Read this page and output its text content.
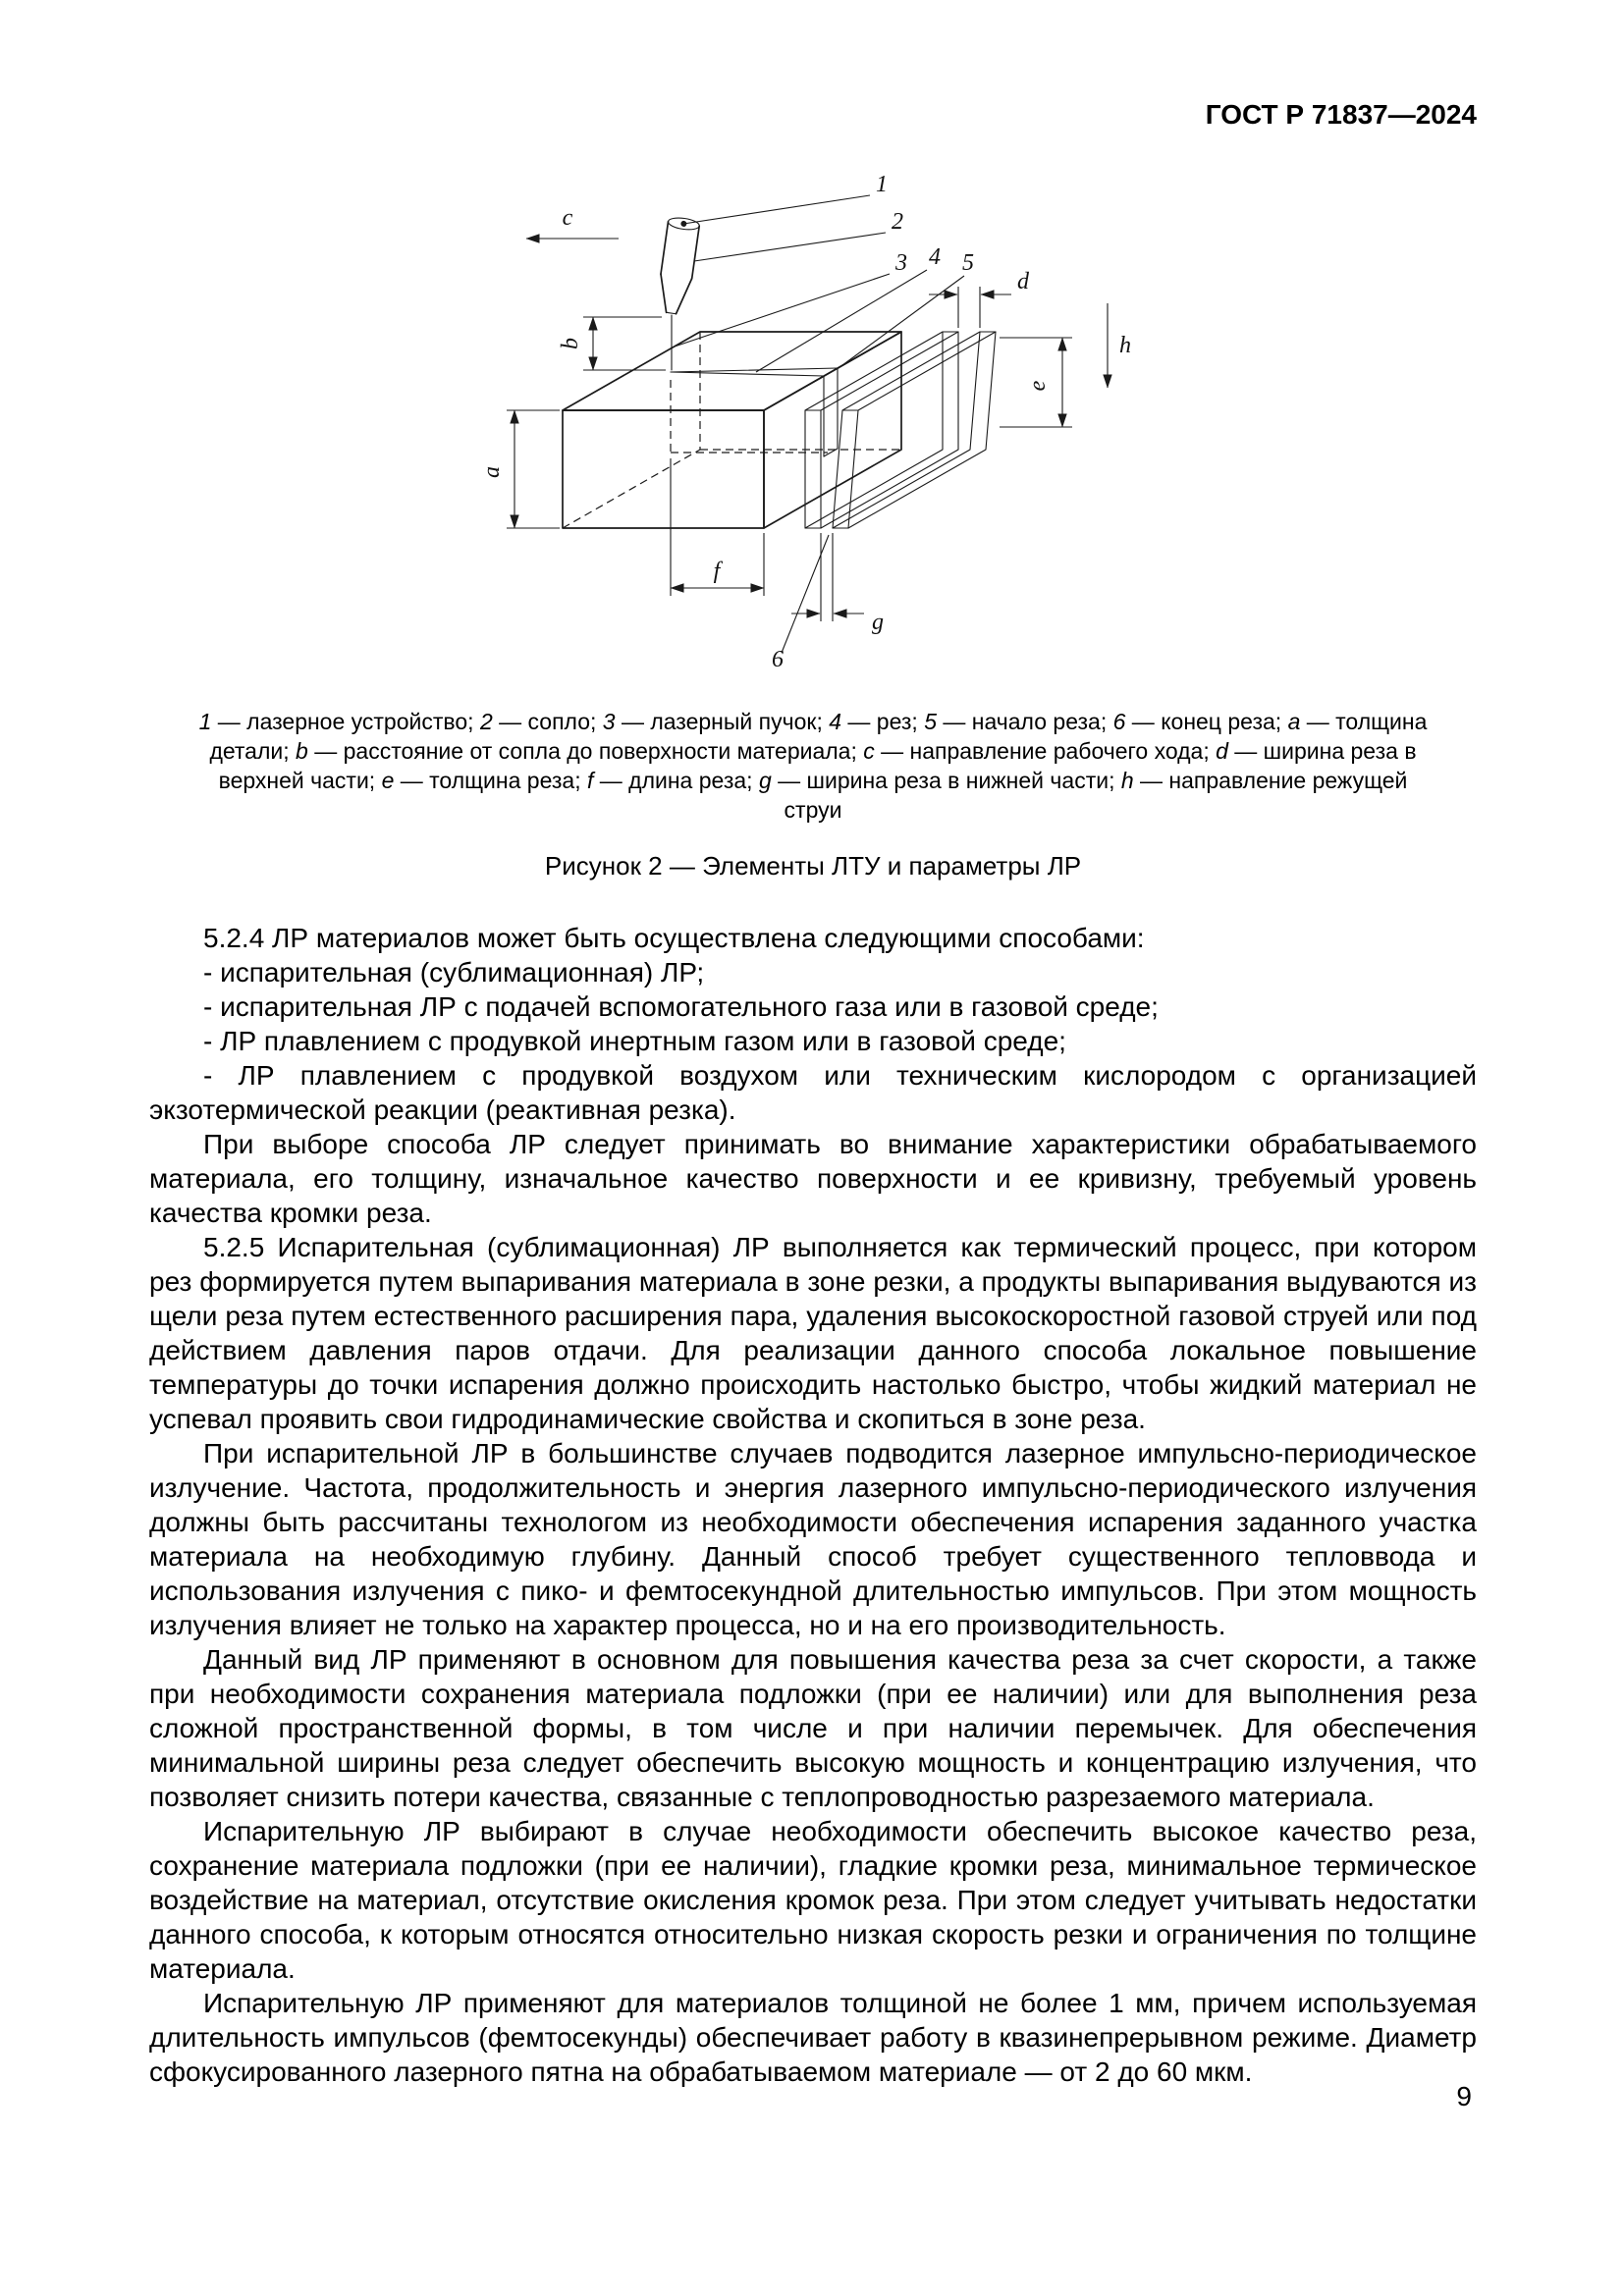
ГОСТ Р 71837—2024
1
2
3 4 5
6
a
b
c
h
d
e
f
g
1 — лазерное устройство; 2 — сопло; 3 — лазерный пучок; 4 — рез; 5 — начало реза; 6 — конец реза; a — толщина детали; b — расстояние от сопла до поверхности материала; c — направление рабочего хода; d — ширина реза в верхней части; e — толщина реза; f — длина реза; g — ширина реза в нижней части; h — направление режущей струи
Рисунок 2 — Элементы ЛТУ и параметры ЛР

5.2.4 ЛР материалов может быть осуществлена следующими способами:

- испарительная (сублимационная) ЛР;

- испарительная ЛР с подачей вспомогательного газа или в газовой среде;

- ЛР плавлением с продувкой инертным газом или в газовой среде;

- ЛР плавлением с продувкой воздухом или техническим кислородом с организацией экзотермической реакции (реактивная резка).

При выборе способа ЛР следует принимать во внимание характеристики обрабатываемого материала, его толщину, изначальное качество поверхности и ее кривизну, требуемый уровень качества кромки реза.

5.2.5 Испарительная (сублимационная) ЛР выполняется как термический процесс, при котором рез формируется путем выпаривания материала в зоне резки, а продукты выпаривания выдуваются из щели реза путем естественного расширения пара, удаления высокоскоростной газовой струей или под действием давления паров отдачи. Для реализации данного способа локальное повышение температуры до точки испарения должно происходить настолько быстро, чтобы жидкий материал не успевал проявить свои гидродинамические свойства и скопиться в зоне реза.

При испарительной ЛР в большинстве случаев подводится лазерное импульсно-периодическое излучение. Частота, продолжительность и энергия лазерного импульсно-периодического излучения должны быть рассчитаны технологом из необходимости обеспечения испарения заданного участка материала на необходимую глубину. Данный способ требует существенного тепловвода и использования излучения с пико- и фемтосекундной длительностью импульсов. При этом мощность излучения влияет не только на характер процесса, но и на его производительность.

Данный вид ЛР применяют в основном для повышения качества реза за счет скорости, а также при необходимости сохранения материала подложки (при ее наличии) или для выполнения реза сложной пространственной формы, в том числе и при наличии перемычек. Для обеспечения минимальной ширины реза следует обеспечить высокую мощность и концентрацию излучения, что позволяет снизить потери качества, связанные с теплопроводностью разрезаемого материала.

Испарительную ЛР выбирают в случае необходимости обеспечить высокое качество реза, сохранение материала подложки (при ее наличии), гладкие кромки реза, минимальное термическое воздействие на материал, отсутствие окисления кромок реза. При этом следует учитывать недостатки данного способа, к которым относятся относительно низкая скорость резки и ограничения по толщине материала.

Испарительную ЛР применяют для материалов толщиной не более 1 мм, причем используемая длительность импульсов (фемтосекунды) обеспечивает работу в квазинепрерывном режиме. Диаметр сфокусированного лазерного пятна на обрабатываемом материале — от 2 до 60 мкм.

9
